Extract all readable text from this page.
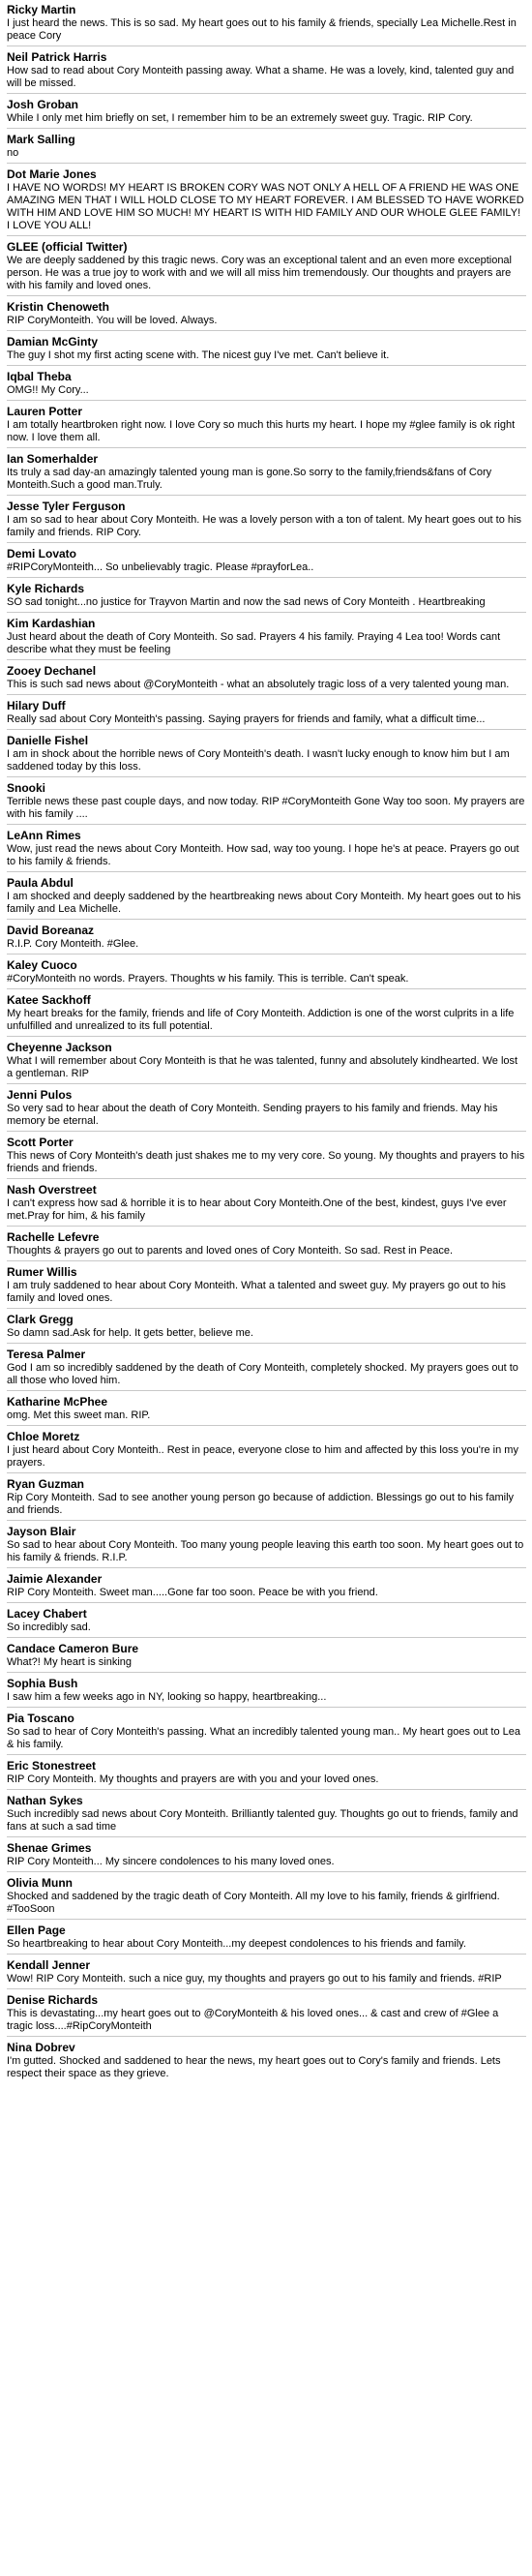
Ricky Martin
I just heard the news. This is so sad. My heart goes out to his family & friends, specially Lea Michelle.Rest in peace Cory
Neil Patrick Harris
How sad to read about Cory Monteith passing away. What a shame. He was a lovely, kind, talented guy and will be missed.
Josh Groban
While I only met him briefly on set, I remember him to be an extremely sweet guy. Tragic. RIP Cory.
Mark Salling
no
Dot Marie Jones
I HAVE NO WORDS! MY HEART IS BROKEN CORY WAS NOT ONLY A HELL OF A FRIEND HE WAS ONE AMAZING MEN THAT I WILL HOLD CLOSE TO MY HEART FOREVER. I AM BLESSED TO HAVE WORKED WITH HIM AND LOVE HIM SO MUCH! MY HEART IS WITH HID FAMILY AND OUR WHOLE GLEE FAMILY! I LOVE YOU ALL!
GLEE (official Twitter)
We are deeply saddened by this tragic news. Cory was an exceptional talent and an even more exceptional person. He was a true joy to work with and we will all miss him tremendously. Our thoughts and prayers are with his family and loved ones.
Kristin Chenoweth
RIP CoryMonteith. You will be loved. Always.
Damian McGinty
The guy I shot my first acting scene with. The nicest guy I've met. Can't believe it.
Iqbal Theba
OMG!! My Cory...
Lauren Potter
I am totally heartbroken right now. I love Cory so much this hurts my heart. I hope my #glee family is ok right now. I love them all.
Ian Somerhalder
Its truly a sad day-an amazingly talented young man is gone.So sorry to the family,friends&fans of Cory Monteith.Such a good man.Truly.
Jesse Tyler Ferguson
I am so sad to hear about Cory Monteith. He was a lovely person with a ton of talent. My heart goes out to his family and friends. RIP Cory.
Demi Lovato
#RIPCoryMonteith... So unbelievably tragic. Please #prayforLea..
Kyle Richards
SO sad tonight...no justice for Trayvon Martin and now the sad news of Cory Monteith . Heartbreaking
Kim Kardashian
Just heard about the death of Cory Monteith. So sad. Prayers 4 his family. Praying 4 Lea too! Words cant describe what they must be feeling
Zooey Dechanel
This is such sad news about @CoryMonteith - what an absolutely tragic loss of a very talented young man.
Hilary Duff
Really sad about Cory Monteith's passing. Saying prayers for friends and family, what a difficult time...
Danielle Fishel
I am in shock about the horrible news of Cory Monteith's death. I wasn't lucky enough to know him but I am saddened today by this loss.
Snooki
Terrible news these past couple days, and now today. RIP #CoryMonteith Gone Way too soon. My prayers are with his family ....
LeAnn Rimes
Wow, just read the news about Cory Monteith. How sad, way too young. I hope he's at peace. Prayers go out to his family & friends.
Paula Abdul
I am shocked and deeply saddened by the heartbreaking news about Cory Monteith. My heart goes out to his family and Lea Michelle.
David Boreanaz
R.I.P. Cory Monteith. #Glee.
Kaley Cuoco
#CoryMonteith no words. Prayers. Thoughts w his family. This is terrible. Can't speak.
Katee Sackhoff
My heart breaks for the family, friends and life of Cory Monteith. Addiction is one of the worst culprits in a life unfulfilled and unrealized to its full potential.
Cheyenne Jackson
What I will remember about Cory Monteith is that he was talented, funny and absolutely kindhearted. We lost a gentleman. RIP
Jenni Pulos
So very sad to hear about the death of Cory Monteith. Sending prayers to his family and friends. May his memory be eternal.
Scott Porter
This news of Cory Monteith's death just shakes me to my very core. So young. My thoughts and prayers to his friends and friends.
Nash Overstreet
I can't express how sad & horrible it is to hear about Cory Monteith.One of the best, kindest, guys I've ever met.Pray for him, & his family
Rachelle Lefevre
Thoughts & prayers go out to parents and loved ones of Cory Monteith. So sad. Rest in Peace.
Rumer Willis
I am truly saddened to hear about Cory Monteith. What a talented and sweet guy. My prayers go out to his family and loved ones.
Clark Gregg
So damn sad.Ask for help. It gets better, believe me.
Teresa Palmer
God I am so incredibly saddened by the death of Cory Monteith, completely shocked. My prayers goes out to all those who loved him.
Katharine McPhee
omg. Met this sweet man. RIP.
Chloe Moretz
I just heard about Cory Monteith.. Rest in peace, everyone close to him and affected by this loss you're in my prayers.
Ryan Guzman
Rip Cory Monteith. Sad to see another young person go because of addiction. Blessings go out to his family and friends.
Jayson Blair
So sad to hear about Cory Monteith. Too many young people leaving this earth too soon. My heart goes out to his family & friends. R.I.P.
Jaimie Alexander
RIP Cory Monteith. Sweet man.....Gone far too soon. Peace be with you friend.
Lacey Chabert
So incredibly sad.
Candace Cameron Bure
What?! My heart is sinking
Sophia Bush
I saw him a few weeks ago in NY, looking so happy, heartbreaking...
Pia Toscano
So sad to hear of Cory Monteith's passing. What an incredibly talented young man.. My heart goes out to Lea & his family.
Eric Stonestreet
RIP Cory Monteith. My thoughts and prayers are with you and your loved ones.
Nathan Sykes
Such incredibly sad news about Cory Monteith. Brilliantly talented guy. Thoughts go out to friends, family and fans at such a sad time
Shenae Grimes
RIP Cory Monteith... My sincere condolences to his many loved ones.
Olivia Munn
Shocked and saddened by the tragic death of Cory Monteith. All my love to his family, friends & girlfriend. #TooSoon
Ellen Page
So heartbreaking to hear about Cory Monteith...my deepest condolences to his friends and family.
Kendall Jenner
Wow! RIP Cory Monteith. such a nice guy, my thoughts and prayers go out to his family and friends. #RIP
Denise Richards
This is devastating...my heart goes out to @CoryMonteith & his loved ones... & cast and crew of #Glee a tragic loss....#RipCoryMonteith
Nina Dobrev
I'm gutted. Shocked and saddened to hear the news, my heart goes out to Cory's family and friends. Lets respect their space as they grieve.
